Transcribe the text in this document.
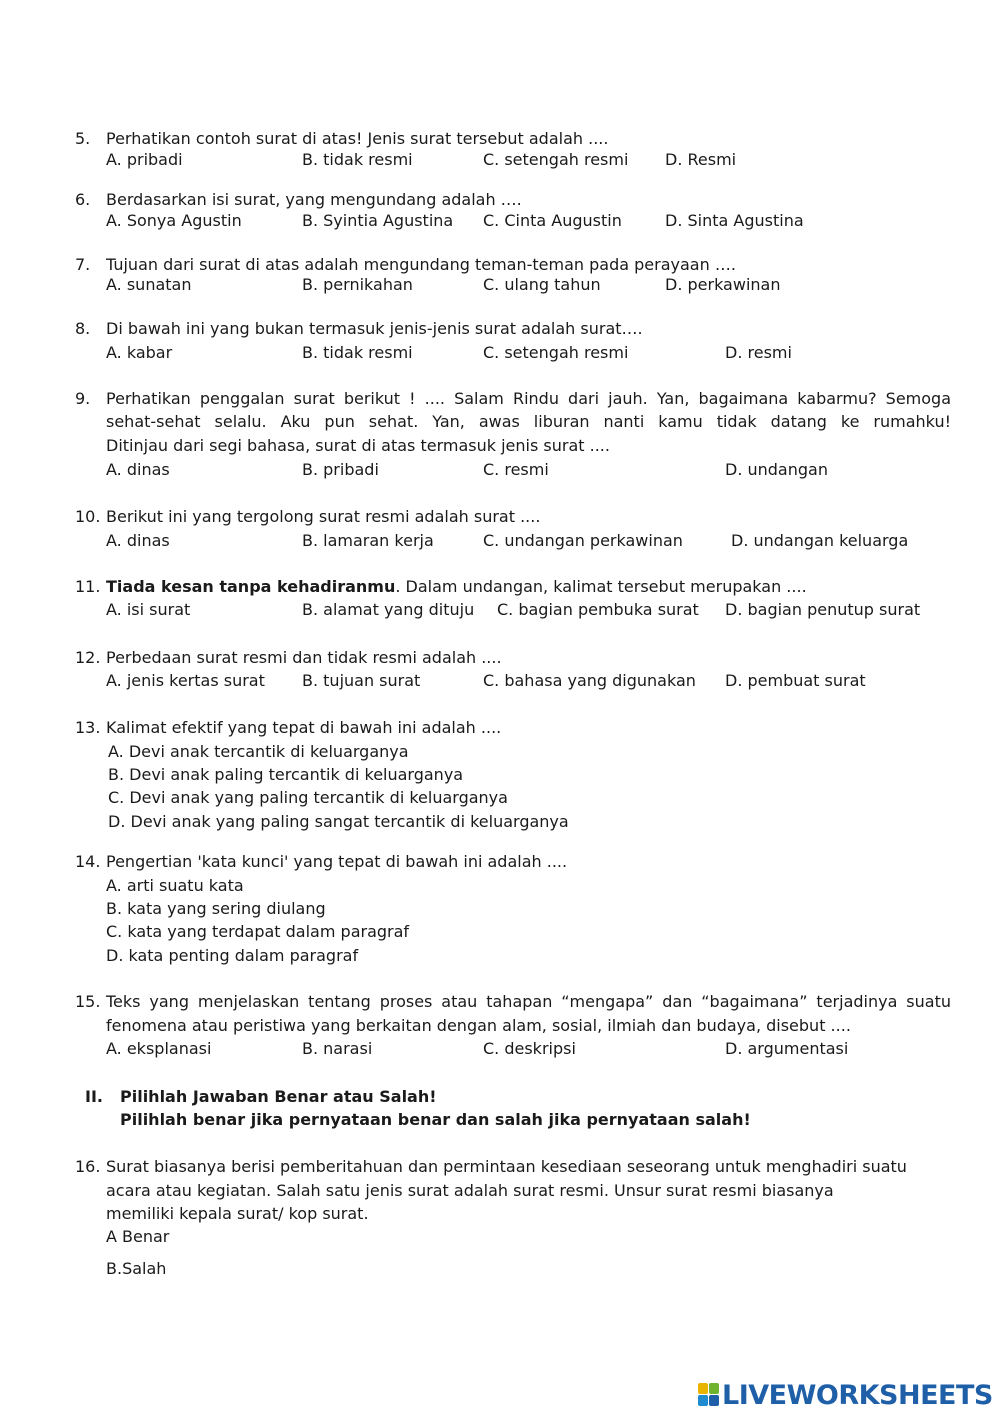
5. Perhatikan contoh surat di atas! Jenis surat tersebut adalah ....
A. pribadi	B. tidak resmi	C. setengah resmi D. Resmi
6. Berdasarkan isi surat, yang mengundang adalah ….
A. Sonya Agustin	B. Syintia Agustina C. Cinta Augustin	D. Sinta Agustina
7. Tujuan dari surat di atas adalah mengundang teman-teman pada perayaan ….
A. sunatan	B. pernikahan	C. ulang tahun	D. perkawinan
8. Di bawah ini yang bukan termasuk jenis-jenis surat adalah surat….
A. kabar	B. tidak resmi	C. setengah resmi	D. resmi
9. Perhatikan penggalan surat berikut ! .... Salam Rindu dari jauh. Yan, bagaimana kabarmu? Semoga
sehat-sehat selalu. Aku pun sehat. Yan, awas liburan nanti kamu tidak datang ke rumahku!
Ditinjau dari segi bahasa, surat di atas termasuk jenis surat ....
A. dinas	B. pribadi	C. resmi	D. undangan
10. Berikut ini yang tergolong surat resmi adalah surat ....
A. dinas	B. lamaran kerja	C. undangan perkawinan	D. undangan keluarga
11. Tiada kesan tanpa kehadiranmu. Dalam undangan, kalimat tersebut merupakan ....
A. isi surat	B. alamat yang dituju C. bagian pembuka surat D. bagian penutup surat
12. Perbedaan surat resmi dan tidak resmi adalah ....
A. jenis kertas surat B. tujuan surat	C. bahasa yang digunakan D. pembuat surat
13. Kalimat efektif yang tepat di bawah ini adalah ....
A. Devi anak tercantik di keluarganya
B. Devi anak paling tercantik di keluarganya
C. Devi anak yang paling tercantik di keluarganya
D. Devi anak yang paling sangat tercantik di keluarganya
14. Pengertian 'kata kunci' yang tepat di bawah ini adalah ....
A. arti suatu kata
B. kata yang sering diulang
C. kata yang terdapat dalam paragraf
D. kata penting dalam paragraf
15. Teks yang menjelaskan tentang proses atau tahapan “mengapa” dan “bagaimana” terjadinya suatu
fenomena atau peristiwa yang berkaitan dengan alam, sosial, ilmiah dan budaya, disebut ....
A. eksplanasi	B. narasi	C. deskripsi	D. argumentasi
II. Pilihlah Jawaban Benar atau Salah!
Pilihlah benar jika pernyataan benar dan salah jika pernyataan salah!
16. Surat biasanya berisi pemberitahuan dan permintaan kesediaan seseorang untuk menghadiri suatu
acara atau kegiatan. Salah satu jenis surat adalah surat resmi. Unsur surat resmi biasanya
memiliki kepala surat/ kop surat.
A Benar
B.Salah
LIVEWORKSHEETS
